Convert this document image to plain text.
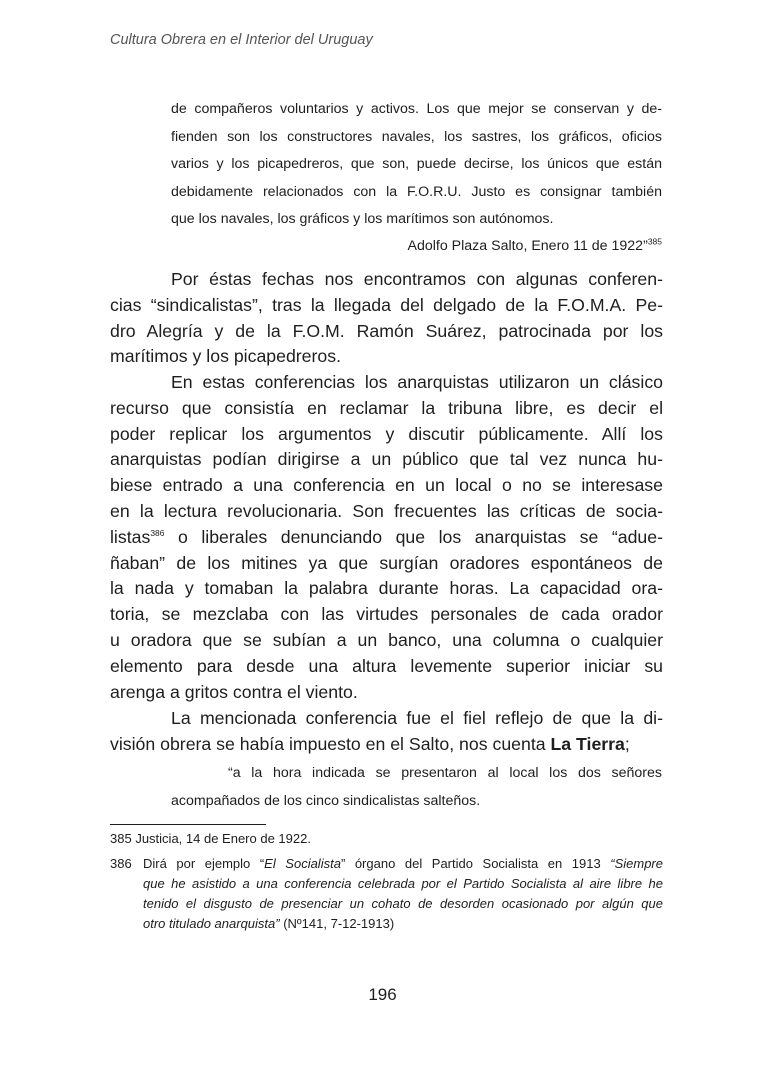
Cultura Obrera en el Interior del Uruguay
de compañeros voluntarios y activos. Los que mejor se conservan y de-
fienden son los constructores navales, los sastres, los gráficos, oficios
varios y los picapedreros, que son, puede decirse, los únicos que están
debidamente relacionados con la F.O.R.U. Justo es consignar también
que los navales, los gráficos y los marítimos son autónomos.
Adolfo Plaza Salto, Enero 11 de 1922”$^{385}$
Por éstas fechas nos encontramos con algunas conferen-
cias “sindicalistas”, tras la llegada del delgado de la F.O.M.A. Pe-
dro Alegría y de la F.O.M. Ramón Suárez, patrocinada por los
marítimos y los picapedreros.
En estas conferencias los anarquistas utilizaron un clásico
recurso que consistía en reclamar la tribuna libre, es decir el
poder replicar los argumentos y discutir públicamente. Allí los
anarquistas podían dirigirse a un público que tal vez nunca hu-
biese entrado a una conferencia en un local o no se interesase
en la lectura revolucionaria. Son frecuentes las críticas de socia-
listas$^{386}$ o liberales denunciando que los anarquistas se “adue-
ñaban” de los mitines ya que surgían oradores espontáneos de
la nada y tomaban la palabra durante horas. La capacidad ora-
toria, se mezclaba con las virtudes personales de cada orador
u oradora que se subían a un banco, una columna o cualquier
elemento para desde una altura levemente superior iniciar su
arenga a gritos contra el viento.
La mencionada conferencia fue el fiel reflejo de que la di-
visión obrera se había impuesto en el Salto, nos cuenta La Tierra;
“a la hora indicada se presentaron al local los dos señores
acompañados de los cinco sindicalistas salteños.
385 Justicia, 14 de Enero de 1922.
386 Dirá por ejemplo “El Socialista” órgano del Partido Socialista en 1913 “Siempre
que he asistido a una conferencia celebrada por el Partido Socialista al aire libre he
tenido el disgusto de presenciar un cohato de desorden ocasionado por algún que
otro titulado anarquista” (Nº141, 7-12-1913)
196
